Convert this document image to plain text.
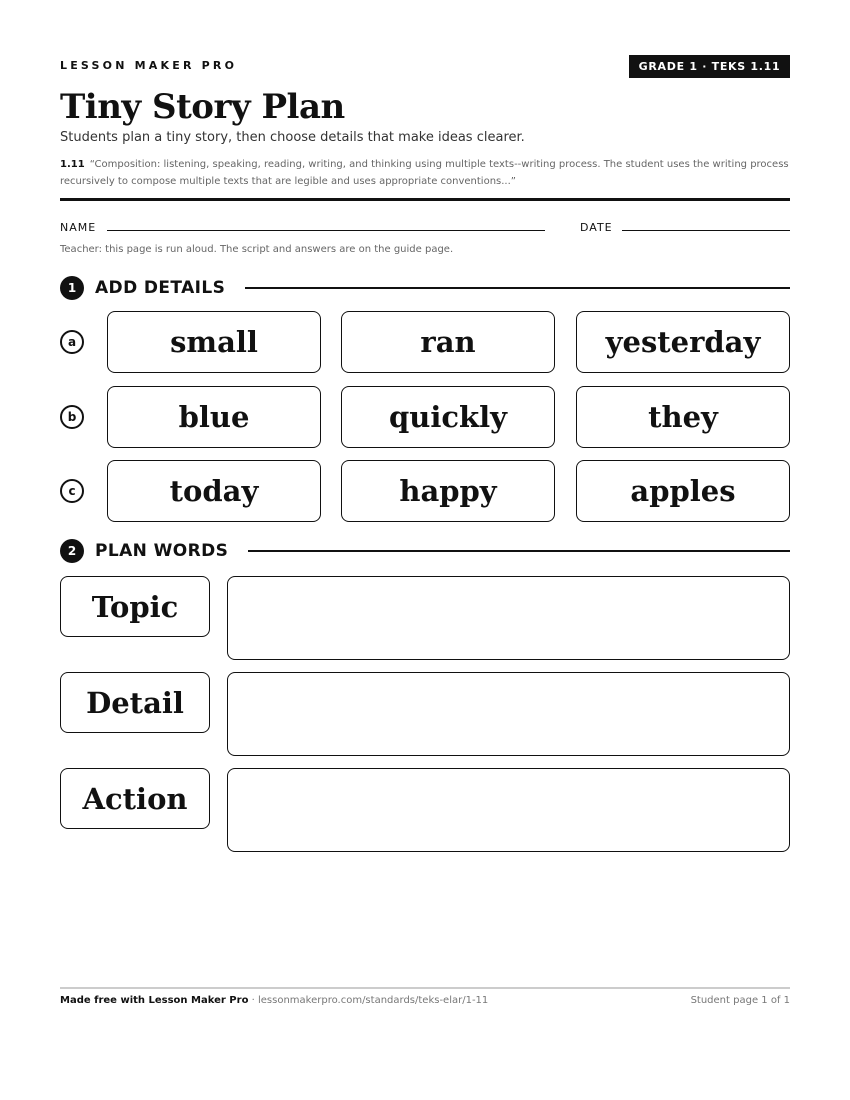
LESSON MAKER PRO	GRADE 1 · TEKS 1.11
Tiny Story Plan
Students plan a tiny story, then choose details that make ideas clearer.
1.11 “Composition: listening, speaking, reading, writing, and thinking using multiple texts--writing process. The student uses the writing process recursively to compose multiple texts that are legible and uses appropriate conventions...”
NAME	DATE
Teacher: this page is run aloud. The script and answers are on the guide page.
1	ADD DETAILS
a	small	ran	yesterday
b	blue	quickly	they
c	today	happy	apples
2	PLAN WORDS
Topic
Detail
Action
Made free with Lesson Maker Pro · lessonmakerpro.com/standards/teks-elar/1-11	Student page 1 of 1
